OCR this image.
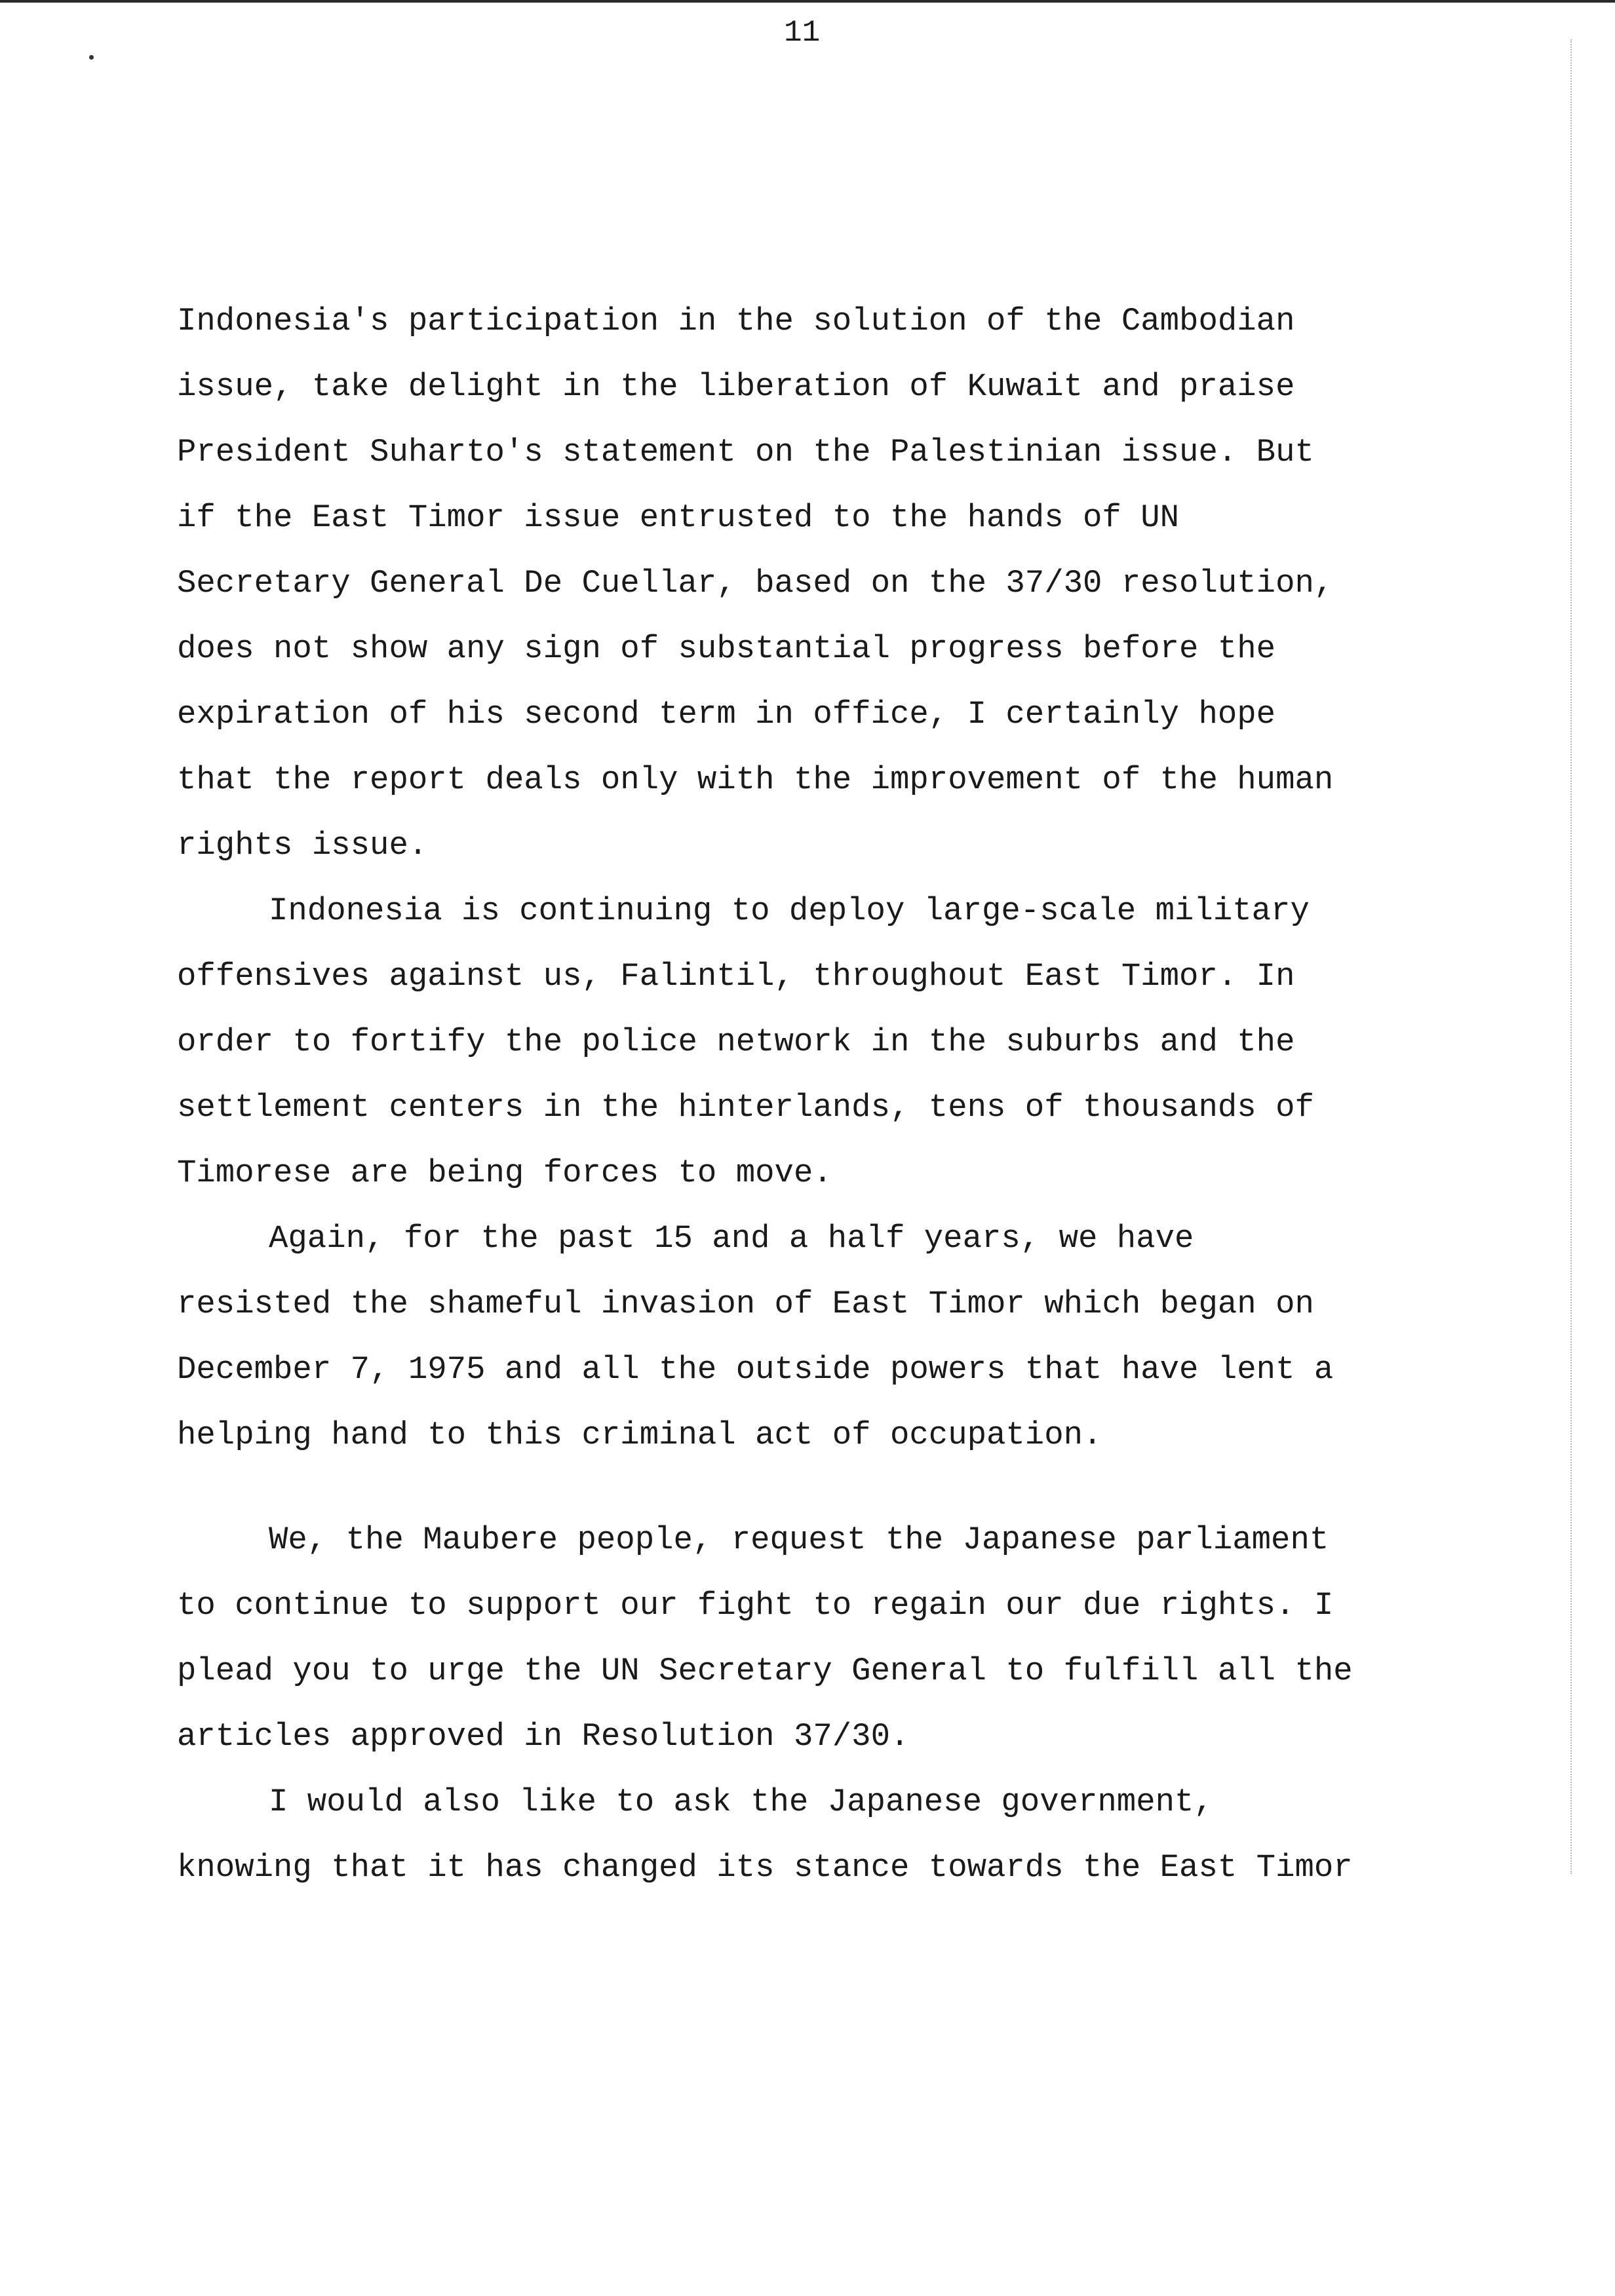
11
Indonesia's participation in the solution of the Cambodian
issue, take delight in the liberation of Kuwait and praise
President Suharto's statement on the Palestinian issue. But
if the East Timor issue entrusted to the hands of UN
Secretary General De Cuellar, based on the 37/30 resolution,
does not show any sign of substantial progress before the
expiration of his second term in office, I certainly hope
that the report deals only with the improvement of the human
rights issue.
Indonesia is continuing to deploy large-scale military
offensives against us, Falintil, throughout East Timor. In
order to fortify the police network in the suburbs and the
settlement centers in the hinterlands, tens of thousands of
Timorese are being forces to move.
Again, for the past 15 and a half years, we have
resisted the shameful invasion of East Timor which began on
December 7, 1975 and all the outside powers that have lent a
helping hand to this criminal act of occupation.
We, the Maubere people, request the Japanese parliament
to continue to support our fight to regain our due rights. I
plead you to urge the UN Secretary General to fulfill all the
articles approved in Resolution 37/30.
I would also like to ask the Japanese government,
knowing that it has changed its stance towards the East Timor
